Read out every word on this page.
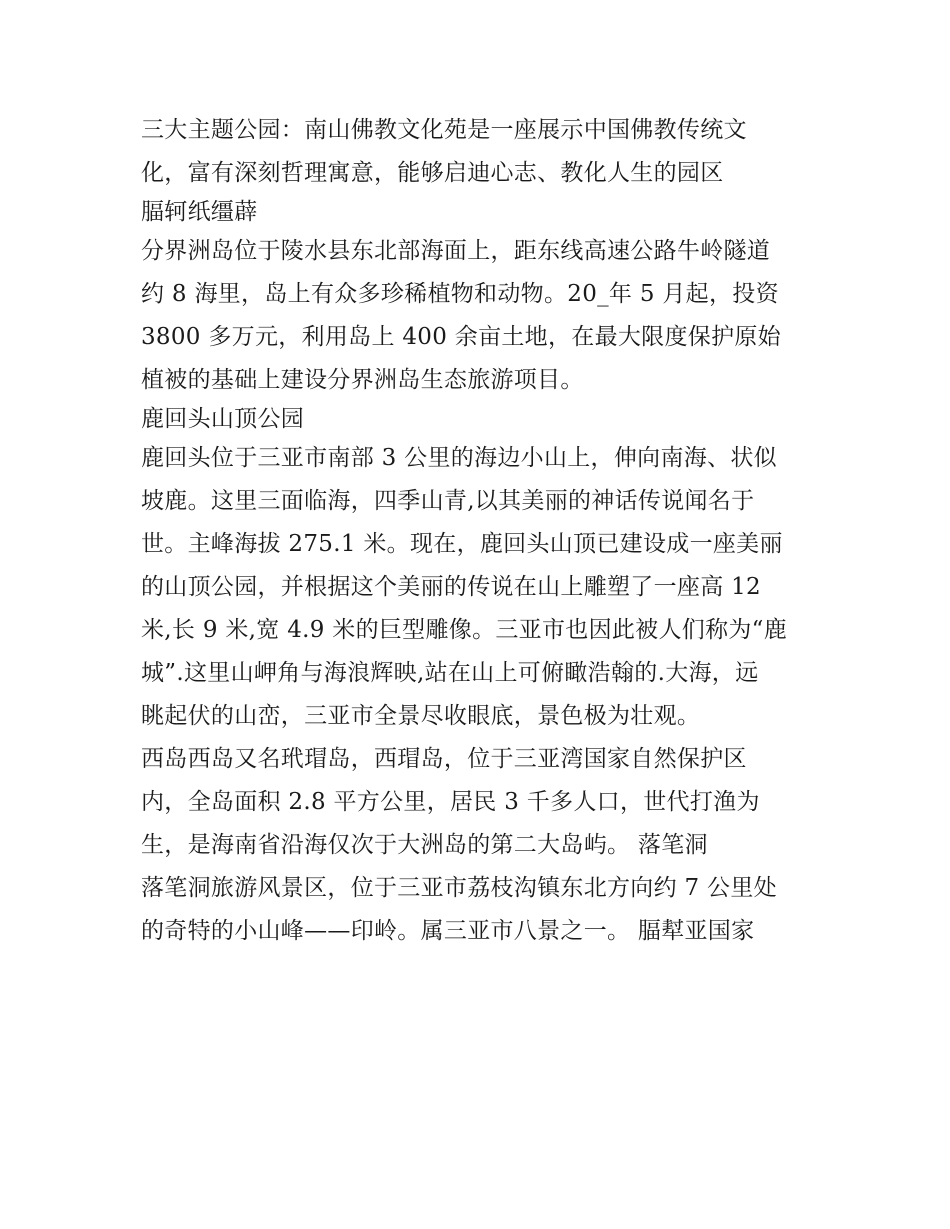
三大主题公园：南山佛教文化苑是一座展示中国佛教传统文
化，富有深刻哲理寓意，能够启迪心志、教化人生的园区
腷轲纸缰薜
分界洲岛位于陵水县东北部海面上，距东线高速公路牛岭隧道
约 8 海里，岛上有众多珍稀植物和动物。20_年 5 月起，投资
3800 多万元，利用岛上 400 余亩土地，在最大限度保护原始
植被的基础上建设分界洲岛生态旅游项目。
鹿回头山顶公园
鹿回头位于三亚市南部 3 公里的海边小山上，伸向南海、状似
坡鹿。这里三面临海，四季山青,以其美丽的神话传说闻名于
世。主峰海拔 275.1 米。现在，鹿回头山顶已建设成一座美丽
的山顶公园，并根据这个美丽的传说在山上雕塑了一座高 12
米,长 9 米,宽 4.9 米的巨型雕像。三亚市也因此被人们称为“鹿
城”.这里山岬角与海浪辉映,站在山上可俯瞰浩翰的.大海，远
眺起伏的山峦，三亚市全景尽收眼底，景色极为壮观。
西岛西岛又名玳瑁岛，西瑁岛，位于三亚湾国家自然保护区
内，全岛面积 2.8 平方公里，居民 3 千多人口，世代打渔为
生，是海南省沿海仅次于大洲岛的第二大岛屿。 落笔洞
落笔洞旅游风景区，位于三亚市荔枝沟镇东北方向约 7 公里处
的奇特的小山峰——印岭。属三亚市八景之一。 腷犎亚国家
